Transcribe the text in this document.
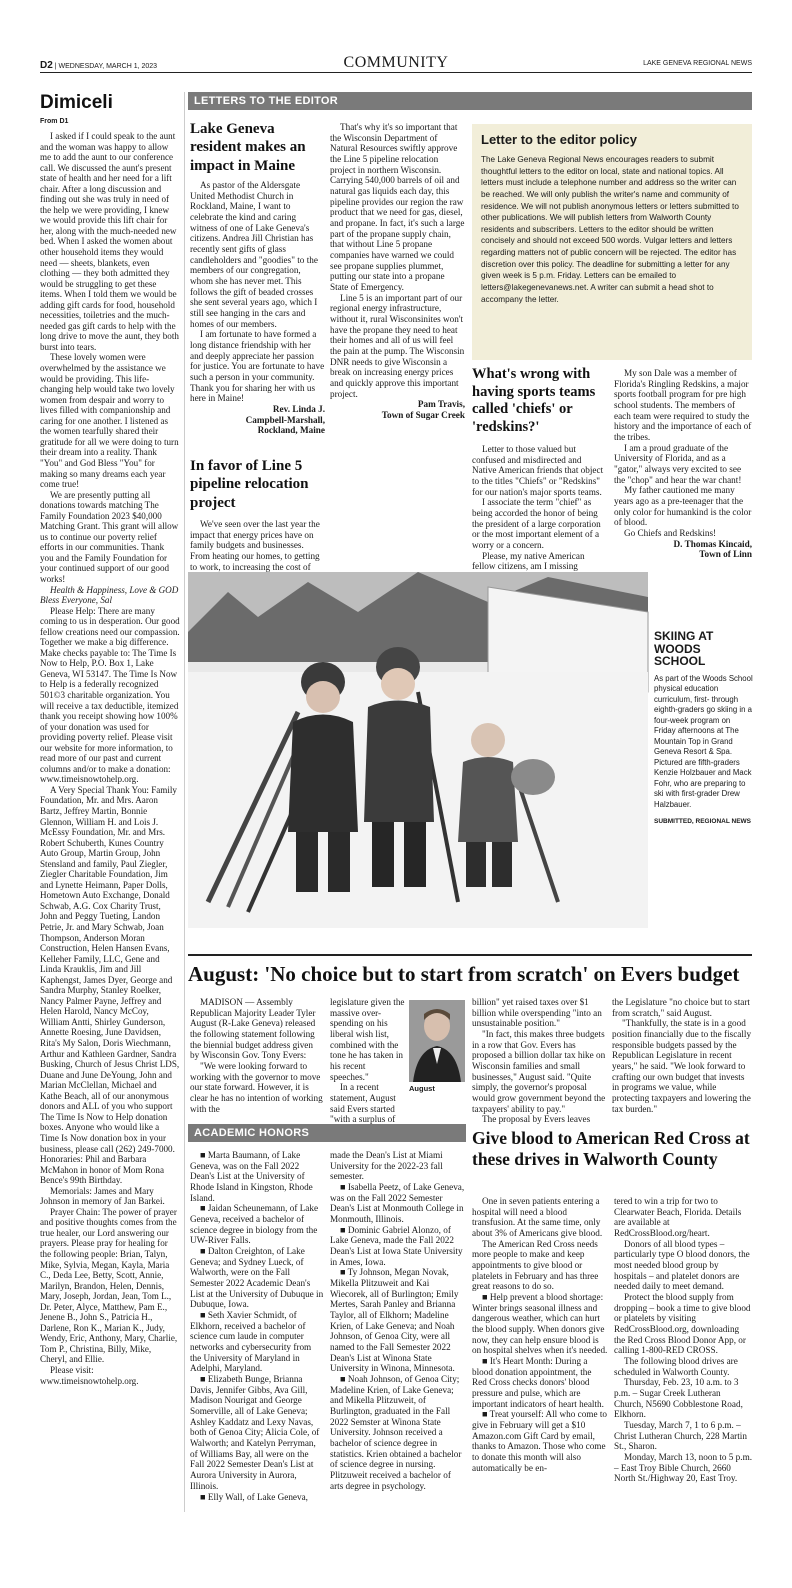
D2 | WEDNESDAY, MARCH 1, 2023	COMMUNITY	LAKE GENEVA REGIONAL NEWS
Dimiceli
From D1

I asked if I could speak to the aunt and the woman was happy to allow me to add the aunt to our conference call. We discussed the aunt's present state of health and her need for a lift chair. After a long discussion and finding out she was truly in need of the help we were providing, I knew we would provide this lift chair for her, along with the much-needed new bed. When I asked the women about other household items they would need — sheets, blankets, even clothing — they both admitted they would be struggling to get these items. When I told them we would be adding gift cards for food, household necessities, toiletries and the much-needed gas gift cards to help with the long drive to move the aunt, they both burst into tears.

These lovely women were overwhelmed by the assistance we would be providing. This life-changing help would take two lovely women from despair and worry to lives filled with companionship and caring for one another. I listened as the women tearfully shared their gratitude for all we were doing to turn their dream into a reality. Thank "You" and God Bless "You" for making so many dreams each year come true!

We are presently putting all donations towards matching The Family Foundation 2023 $40,000 Matching Grant. This grant will allow us to continue our poverty relief efforts in our communities. Thank you and the Family Foundation for your continued support of our good works!

Health & Happiness, Love & GOD Bless Everyone, Sal

Please Help: There are many coming to us in desperation. Our good fellow creations need our compassion. Together we make a big difference. Make checks payable to: The Time Is Now to Help, P.O. Box 1, Lake Geneva, WI 53147. The Time Is Now to Help is a federally recognized 501©3 charitable organization. You will receive a tax deductible, itemized thank you receipt showing how 100% of your donation was used for providing poverty relief. Please visit our website for more information, to read more of our past and current columns and/or to make a donation: www.timeisnowtohelp.org.

A Very Special Thank You: Family Foundation, Mr. and Mrs. Aaron Bartz, Jeffrey Martin, Bonnie Glennon, William H. and Lois J. McEssy Foundation, Mr. and Mrs. Robert Schuberth, Kunes Country Auto Group, Martin Group, John Stensland and family, Paul Ziegler, Ziegler Charitable Foundation, Jim and Lynette Heimann, Paper Dolls, Hometown Auto Exchange, Donald Schwab, A.G. Cox Charity Trust, John and Peggy Tueting, Landon Petrie, Jr. and Mary Schwab, Joan Thompson, Anderson Moran Construction, Helen Hansen Evans, Kelleher Family, LLC, Gene and Linda Krauklis, Jim and Jill Kaphengst, James Dyer, George and Sandra Murphy, Stanley Roelker, Nancy Palmer Payne, Jeffrey and Helen Harold, Nancy McCoy, William Antti, Shirley Gunderson, Annette Roesing, June Davidsen, Rita's My Salon, Doris Wiechmann, Arthur and Kathleen Gardner, Sandra Busking, Church of Jesus Christ LDS, Duane and June DeYoung, John and Marian McClellan, Michael and Kathe Beach, all of our anonymous donors and ALL of you who support The Time Is Now to Help donation boxes. Anyone who would like a Time Is Now donation box in your business, please call (262) 249-7000. Honoraries: Phil and Barbara McMahon in honor of Mom Rona Bence's 99th Birthday.

Memorials: James and Mary Johnson in memory of Jan Barkei.

Prayer Chain: The power of prayer and positive thoughts comes from the true healer, our Lord answering our prayers. Please pray for healing for the following people: Brian, Talyn, Mike, Sylvia, Megan, Kayla, Maria C., Deda Lee, Betty, Scott, Annie, Marilyn, Brandon, Helen, Dennis, Mary, Joseph, Jordan, Jean, Tom L., Dr. Peter, Alyce, Matthew, Pam E., Jenene B., John S., Patricia H., Darlene, Ron K., Marian K., Judy, Wendy, Eric, Anthony, Mary, Charlie, Tom P., Christina, Billy, Mike, Cheryl, and Ellie.

Please visit: www.timeisnowtohelp.org.

LETTERS TO THE EDITOR
Lake Geneva resident makes an impact in Maine

As pastor of the Aldersgate United Methodist Church in Rockland, Maine, I want to celebrate the kind and caring witness of one of Lake Geneva's citizens. Andrea Jill Christian has recently sent gifts of glass candleholders and "goodies" to the members of our congregation, whom she has never met. This follows the gift of beaded crosses she sent several years ago, which I still see hanging in the cars and homes of our members.

I am fortunate to have formed a long distance friendship with her and deeply appreciate her passion for justice. You are fortunate to have such a person in your community. Thank you for sharing her with us here in Maine!

Rev. Linda J.
Campbell-Marshall,
Rockland, Maine
In favor of Line 5 pipeline relocation project

We've seen over the last year the impact that energy prices have on family budgets and businesses. From heating our homes, to getting to work, to increasing the cost of

That's why it's so important that the Wisconsin Department of Natural Resources swiftly approve the Line 5 pipeline relocation project in northern Wisconsin. Carrying 540,000 barrels of oil and natural gas liquids each day, this pipeline provides our region the raw product that we need for gas, diesel, and propane. In fact, it's such a large part of the propane supply chain, that without Line 5 propane companies have warned we could see propane supplies plummet, putting our state into a propane State of Emergency.

Line 5 is an important part of our regional energy infrastructure, without it, rural Wisconsinites won't have the propane they need to heat their homes and all of us will feel the pain at the pump. The Wisconsin DNR needs to give Wisconsin a break on increasing energy prices and quickly approve this important project.

Pam Travis,
Town of Sugar Creek
Letter to the editor policy
The Lake Geneva Regional News encourages readers to submit thoughtful letters to the editor on local, state and national topics. All letters must include a telephone number and address so the writer can be reached. We will only publish the writer's name and community of residence. We will not publish anonymous letters or letters submitted to other publications. We will publish letters from Walworth County residents and subscribers. Letters to the editor should be written concisely and should not exceed 500 words. Vulgar letters and letters regarding matters not of public concern will be rejected. The editor has discretion over this policy. The deadline for submitting a letter for any given week is 5 p.m. Friday. Letters can be emailed to letters@lakegenevanews.net. A writer can submit a head shot to accompany the letter.
What's wrong with having sports teams called 'chiefs' or 'redskins?'

Letter to those valued but confused and misdirected and Native American friends that object to the titles "Chiefs" or "Redskins" for our nation's major sports teams.

I associate the term "chief" as being accorded the honor of being the president of a large corporation or the most important element of a worry or a concern.

Please, my native American fellow citizens, am I missing

My son Dale was a member of Florida's Ringling Redskins, a major sports football program for pre high school students. The members of each team were required to study the history and the importance of each of the tribes.

I am a proud graduate of the University of Florida, and as a "gator," always very excited to see the "chop" and hear the war chant!

My father cautioned me many years ago as a pre-teenager that the only color for humankind is the color of blood.

Go Chiefs and Redskins!

D. Thomas Kincaid,
Town of Linn
SKIING AT WOODS SCHOOL
As part of the Woods School physical education curriculum, first- through eighth-graders go skiing in a four-week program on Friday afternoons at The Mountain Top in Grand Geneva Resort & Spa. Pictured are fifth-graders Kenzie Holzbauer and Mack Fohr, who are preparing to ski with first-grader Drew Halzbauer.
SUBMITTED, REGIONAL NEWS
August: 'No choice but to start from scratch' on Evers budget

MADISON — Assembly Republican Majority Leader Tyler August (R-Lake Geneva) released the following statement following the biennial budget address given by Wisconsin Gov. Tony Evers:

"We were looking forward to working with the governor to move our state forward. However, it is clear he has no intention of working with the

legislature given the massive over-spending on his liberal wish list, combined with the tone he has taken in his recent speeches."

In a recent statement, August said Evers started "with a surplus of

August

billion" yet raised taxes over $1 billion while overspending "into an unsustainable position."

"In fact, this makes three budgets in a row that Gov. Evers has proposed a billion dollar tax hike on Wisconsin families and small businesses," August said. "Quite simply, the governor's proposal would grow government beyond the taxpayers' ability to pay."

The proposal by Evers leaves

the Legislature "no choice but to start from scratch," said August.

"Thankfully, the state is in a good position financially due to the fiscally responsible budgets passed by the Republican Legislature in recent years," he said. "We look forward to crafting our own budget that invests in programs we value, while protecting taxpayers and lowering the tax burden."

ACADEMIC HONORS

■ Marta Baumann, of Lake Geneva, was on the Fall 2022 Dean's List at the University of Rhode Island in Kingston, Rhode Island.

■ Jaidan Scheunemann, of Lake Geneva, received a bachelor of science degree in biology from the UW-River Falls.

■ Dalton Creighton, of Lake Geneva; and Sydney Lueck, of Walworth, were on the Fall Semester 2022 Academic Dean's List at the University of Dubuque in Dubuque, Iowa.

■ Seth Xavier Schmidt, of Elkhorn, received a bachelor of science cum laude in computer networks and cybersecurity from the University of Maryland in Adelphi, Maryland.

■ Elizabeth Bunge, Brianna Davis, Jennifer Gibbs, Ava Gill, Madison Nourigat and George Somerville, all of Lake Geneva; Ashley Kaddatz and Lexy Navas, both of Genoa City; Alicia Cole, of Walworth; and Katelyn Perryman, of Williams Bay, all were on the Fall 2022 Semester Dean's List at Aurora University in Aurora, Illinois.

■ Elly Wall, of Lake Geneva,

made the Dean's List at Miami University for the 2022-23 fall semester.

■ Isabella Peetz, of Lake Geneva, was on the Fall 2022 Semester Dean's List at Monmouth College in Monmouth, Illinois.

■ Dominic Gabriel Alonzo, of Lake Geneva, made the Fall 2022 Dean's List at Iowa State University in Ames, Iowa.

■ Ty Johnson, Megan Novak, Mikella Plitzuweit and Kai Wiecorek, all of Burlington; Emily Mertes, Sarah Panley and Brianna Taylor, all of Elkhorn; Madeline Krien, of Lake Geneva; and Noah Johnson, of Genoa City, were all named to the Fall Semester 2022 Dean's List at Winona State University in Winona, Minnesota.

■ Noah Johnson, of Genoa City; Madeline Krien, of Lake Geneva; and Mikella Plitzuweit, of Burlington, graduated in the Fall 2022 Semster at Winona State University. Johnson received a bachelor of science degree in statistics. Krien obtained a bachelor of science degree in nursing. Plitzuweit received a bachelor of arts degree in psychology.

Give blood to American Red Cross at these drives in Walworth County

One in seven patients entering a hospital will need a blood transfusion. At the same time, only about 3% of Americans give blood.

The American Red Cross needs more people to make and keep appointments to give blood or platelets in February and has three great reasons to do so.

■ Help prevent a blood shortage: Winter brings seasonal illness and dangerous weather, which can hurt the blood supply. When donors give now, they can help ensure blood is on hospital shelves when it's needed.

■ It's Heart Month: During a blood donation appointment, the Red Cross checks donors' blood pressure and pulse, which are important indicators of heart health.

■ Treat yourself: All who come to give in February will get a $10 Amazon.com Gift Card by email, thanks to Amazon. Those who come to donate this month will also automatically be en-

tered to win a trip for two to Clearwater Beach, Florida. Details are available at RedCrossBlood.org/heart.

Donors of all blood types – particularly type O blood donors, the most needed blood group by hospitals – and platelet donors are needed daily to meet demand.

Protect the blood supply from dropping – book a time to give blood or platelets by visiting RedCrossBlood.org, downloading the Red Cross Blood Donor App, or calling 1-800-RED CROSS.

The following blood drives are scheduled in Walworth County.

Thursday, Feb. 23, 10 a.m. to 3 p.m. – Sugar Creek Lutheran Church, N5690 Cobblestone Road, Elkhorn.

Tuesday, March 7, 1 to 6 p.m. – Christ Lutheran Church, 228 Martin St., Sharon.

Monday, March 13, noon to 5 p.m. – East Troy Bible Church, 2660 North St./Highway 20, East Troy.
